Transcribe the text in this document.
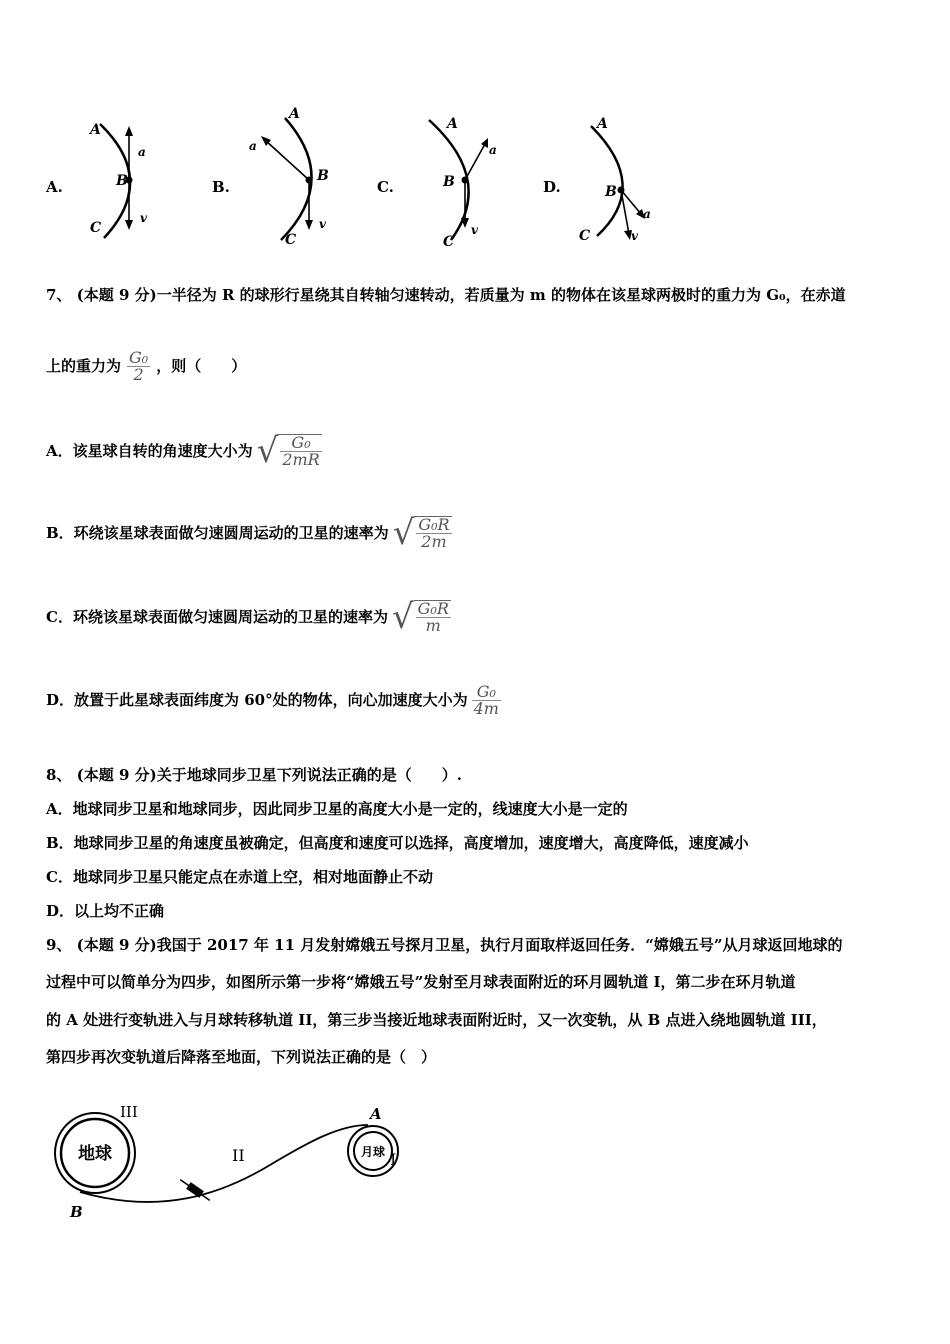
A.
A
B
C
a
v
B.
A
B
C
a
v
C.
A
B
C
a
v
D.
A
B
C
a
v
7、 (本题 9 分)一半径为 R 的球形行星绕其自转轴匀速转动，若质量为 m 的物体在该星球两极时的重力为 G₀，在赤道
上的重力为 $\frac{\text{G₀}}{2}$ ，则（　　）
A．该星球自转的角速度大小为 √ $\frac{\text{G₀}}{2mR}$
B．环绕该星球表面做匀速圆周运动的卫星的速率为 √ $\frac{\text{G₀R}}{2m}$
C．环绕该星球表面做匀速圆周运动的卫星的速率为 √ $\frac{\text{G₀R}}{m}$
D．放置于此星球表面纬度为 60°处的物体，向心加速度大小为 $\frac{\text{G₀}}{4m}$
8、 (本题 9 分)关于地球同步卫星下列说法正确的是（　　）.
A．地球同步卫星和地球同步，因此同步卫星的高度大小是一定的，线速度大小是一定的
B．地球同步卫星的角速度虽被确定，但高度和速度可以选择，高度增加，速度增大，高度降低，速度减小
C．地球同步卫星只能定点在赤道上空，相对地面静止不动
D．以上均不正确
9、 (本题 9 分)我国于 2017 年 11 月发射嫦娥五号探月卫星，执行月面取样返回任务．“嫦娥五号”从月球返回地球的
过程中可以简单分为四步，如图所示第一步将“嫦娥五号”发射至月球表面附近的环月圆轨道 I，第二步在环月轨道
的 A 处进行变轨进入与月球转移轨道 II，第三步当接近地球表面附近时，又一次变轨，从 B 点进入绕地圆轨道 III，
第四步再次变轨道后降落至地面，下列说法正确的是（　）
地球
III
B
II	月球
A
I
